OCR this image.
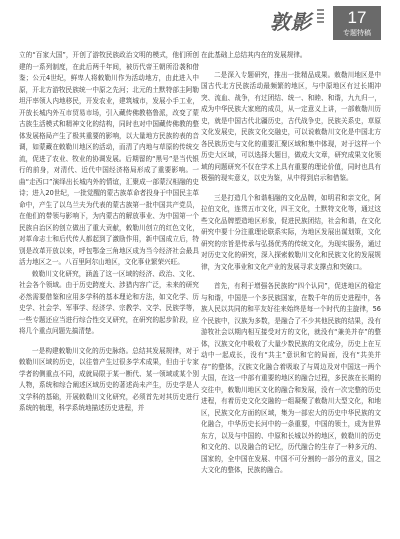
敦影	17
专题特稿

立的“百家大国”，开创了游牧民族政治文明的模式，他们所创建的一系列制度，在此后两千年间，被历代帝王朝所沿袭和借鉴；公元4世纪，鲜卑人将敕勒川作为活动地方，由此进入中原，开北方游牧民族统一中原之先河；北元的土默特部主阿勒坦汗率领人内地移民，开发农业，建筑城市，发展小手工业，开放长城内外互市贸易市场，引入藏传佛教格鲁派，改变了蒙古族生活模式和精神文化的结构，同时也对中国藏传佛教的整体发展格局产生了极其重要的影响，以大量地方民族的表的音调，如蒙藏在敕勒川地区的活动，而清了内地与草原的传统交流，促进了农业、牧业的协调发展。后期留的“黑号”是当代银行的前身，对清代、近代中国经济格局形成了重要影响。一曲“走西口”演绎出长城内外的情谊，汇聚成一部蒙汉相融的史诗；进入20世纪，一批觉醒的蒙古族革命者投身于中国民主革命中，产生了以乌兰夫为代表的蒙古族第一批中国共产党员，在他们的带领与影响下，为内蒙古的解放事业、为中国第一个民族自治区的创立做出了重大贡献，敕勒川创立的红色文化，对革命志士和后代传人都起到了激励作用，新中国成立后，特别是改革开放以来，呼包鄂金三角地区成为当今经济社会最具活力地区之一。八百里阿尔山地区，文化事业繁荣兴旺。

敕勒川文化研究，涵盖了这一区域的经济、政治、文化、社会各个领域。由于历史跨度大、涉猎内容广泛，未来的研究必然需要借鉴和应用多学科的基本理论和方法，如文化学、历史学、社会学、军事学、经济学、宗教学、文学、民族学等，一些专题还应当进行综合性交叉研究，在研究的起步阶段，应将几个重点问题先搞清楚。

一是构建敕勒川文化的历史脉络。总结其发展规律，对于敕勒川区域的历史，以往曾产生过很多学术成果，但由于专家学者的侧重点不同，成就局限于某一断代、某一领域或某个别人物，系统和综合阐述区域历史的著述尚未产生，历史学是人文学科的基础，开展敕勒川文化研究，必须首先对其历史进行系统的梳理，科学系统地描述历史进程，并

在此基础上总结其内在的发展规律。

二是深入专题研究，推出一批精品成果。敕勒川地区是中国古代北方民族活动最频繁的地区，与中原地区有过长期冲突、流血、战争，有过团结、统一、和睦、和谐，九九归一，成为中华民族大家庭的成员，从一定意义上讲，一部敕勒川历史，就是中国古代北疆历史，古代战争史，民族关系史，草原文化发展史，民族文化交融史，可以说敕勒川文化是中国北方各民族历史与文化的重要汇聚区域和集中体现，对于这样一个历史大区域，可以选择大题目，做成大文章，研究成果文化领域的问题研究不仅在学术上具有重要的理论价值，同时也具有极强的现实意义，以史为鉴，从中得到启示和借鉴。

三是打造几个和谐相融的文化品牌，如明君和亲文化，阿拉伯文化，连贯五市文化，四王文化，土默特文化等，通过这些文化品牌塑造地区形象，促进民族团结，社会和谐，在文化研究中要十分注重理论联系实际，为地区发展出谋划策，文化研究的宗旨是传承与弘扬优秀的传统文化，为现实服务，通过对历史文化的研究，深入探索敕勒川文化和民族文化的发展规律，为文化事业和文化产业的发展寻求支撑点和突破口。

首先，有利于增强各民族的“四个认同”，促进地区的稳定与和谐，中国是一个多民族国家，在数千年的历史进程中，各族人民以共同的和平友好往来始终是每一个时代的主旋律，56个民族中，汉族为多数，是融合了不少其他民族的结果，没有游牧社会以期内相互接受对方的文化，就没有“兼美并存”的整体，汉族文化中吸收了大量少数民族的文化成分，历史上在互动中一起成长，没有“共主”意识和它的局面，没有“共美并存”的整体，汉族文化融合着吸取了与周边及对中国这一两个大国，在这一中部有重要的地区的融合过程，多民族在长期的交往中，敕勒川地区文化的融合和发展，没有一次完整的历史进程，有着历史文化交融的一组凝聚了敕勒川大型文化，和地区，民族文化方面的区域，集为一部宏大的历史中华民族的文化融合，中华历史长河中的一条重要，中国的领土，成为世界东方，以及与中国的、中原和长城以外的地区，敕勒川的历史和文化的、以及融合的记忆，历代融合的生存了一种多元的、国家的，全中国在发展、中国不可分割的一部分的意义，国之大文化的整体，民族的融合。
